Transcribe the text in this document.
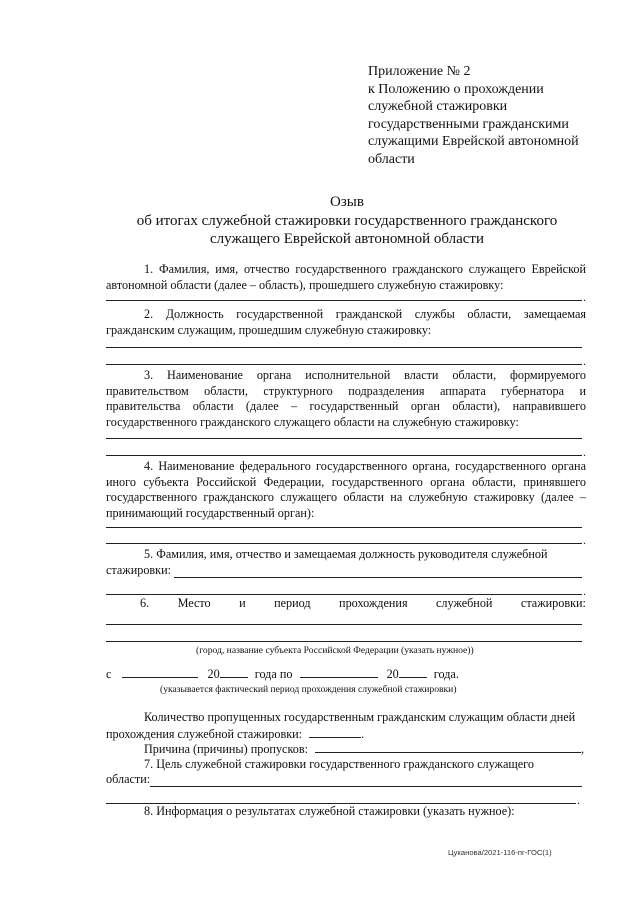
Приложение № 2
к Положению о прохождении
служебной стажировки
государственными гражданскими
служащими Еврейской автономной
области
Озыв
об итогах служебной стажировки государственного гражданского
служащего Еврейской автономной области
1. Фамилия, имя, отчество государственного гражданского служащего Еврейской автономной области (далее – область), прошедшего служебную стажировку:
.
2. Должность государственной гражданской службы области, замещаемая гражданским служащим, прошедшим служебную стажировку:
.
3. Наименование органа исполнительной власти области, формируемого правительством области, структурного подразделения аппарата губернатора и правительства области (далее – государственный орган области), направившего государственного гражданского служащего области на служебную стажировку:
.
4. Наименование федерального государственного органа, государственного органа иного субъекта Российской Федерации, государственного органа области, принявшего государственного гражданского служащего области на служебную стажировку (далее – принимающий государственный орган):
.
5. Фамилия, имя, отчество и замещаемая должность руководителя служебной
стажировки:
.
6. Место и период прохождения служебной стажировки:
(город, название субъекта Российской Федерации (указать нужное))
с	20	года по	20	года.
(указывается фактический период прохождения служебной стажировки)
Количество пропущенных государственным гражданским служащим области дней
прохождения служебной стажировки:	.
Причина (причины) пропусков:	,
7. Цель служебной стажировки государственного гражданского служащего
области:
.
8. Информация о результатах служебной стажировки (указать нужное):
Цуканова/2021-116-пг-ГОС(1)
